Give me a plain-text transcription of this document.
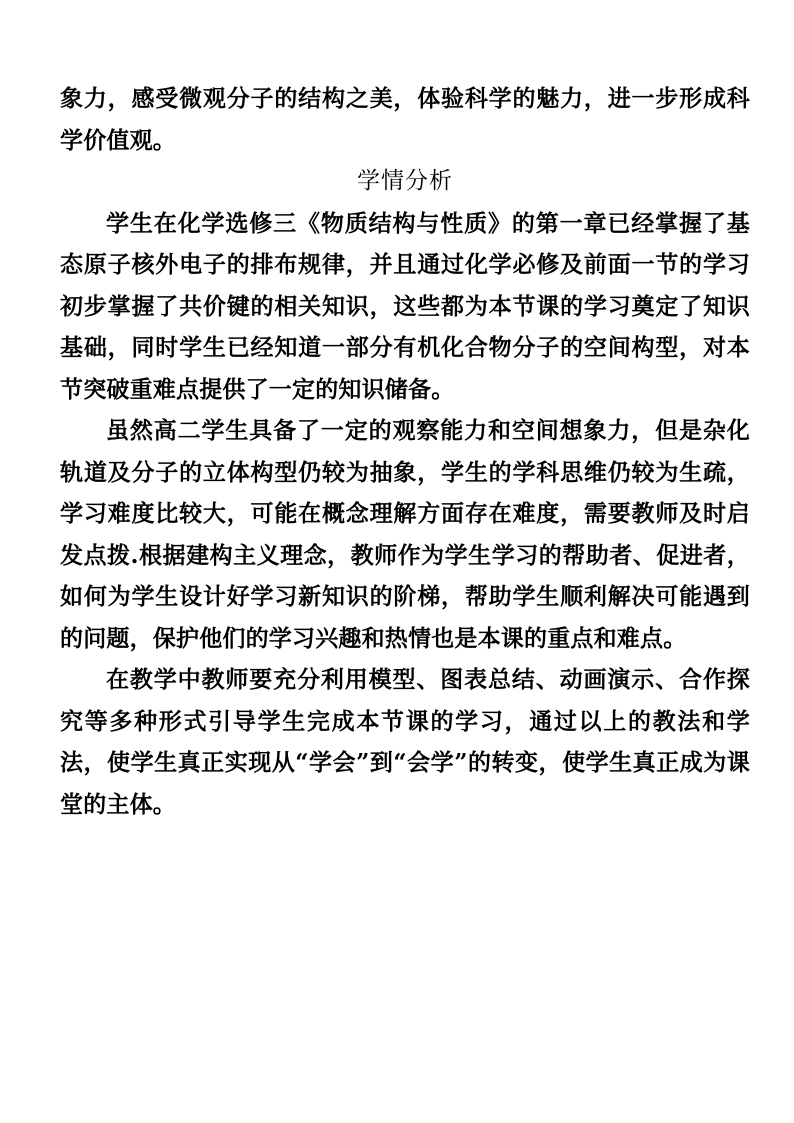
象力，感受微观分子的结构之美，体验科学的魅力，进一步形成科学价值观。

学情分析

学生在化学选修三《物质结构与性质》的第一章已经掌握了基态原子核外电子的排布规律，并且通过化学必修及前面一节的学习初步掌握了共价键的相关知识，这些都为本节课的学习奠定了知识基础，同时学生已经知道一部分有机化合物分子的空间构型，对本节突破重难点提供了一定的知识储备。

虽然高二学生具备了一定的观察能力和空间想象力，但是杂化轨道及分子的立体构型仍较为抽象，学生的学科思维仍较为生疏，学习难度比较大，可能在概念理解方面存在难度，需要教师及时启发点拨.根据建构主义理念，教师作为学生学习的帮助者、促进者，如何为学生设计好学习新知识的阶梯，帮助学生顺利解决可能遇到的问题，保护他们的学习兴趣和热情也是本课的重点和难点。

在教学中教师要充分利用模型、图表总结、动画演示、合作探究等多种形式引导学生完成本节课的学习，通过以上的教法和学法，使学生真正实现从“学会”到“会学”的转变，使学生真正成为课堂的主体。
